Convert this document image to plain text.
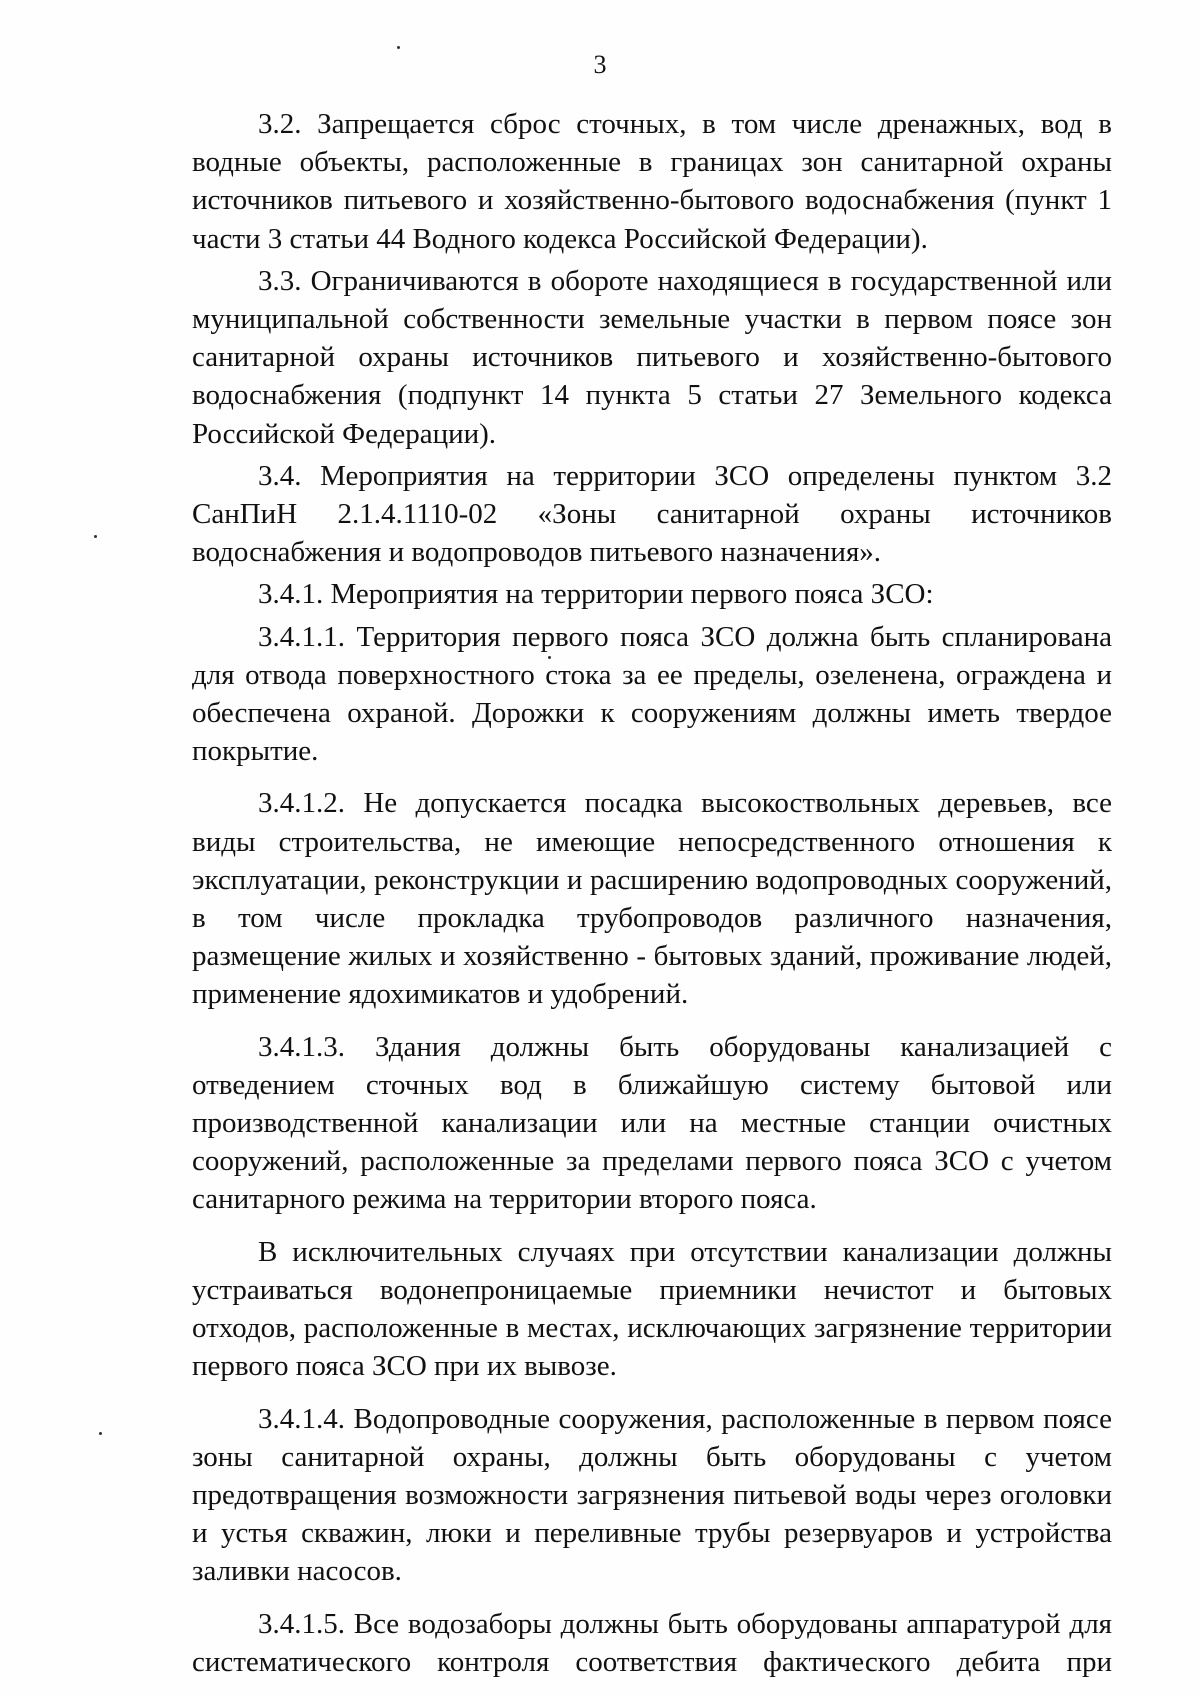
3

3.2. Запрещается сброс сточных, в том числе дренажных, вод в водные объекты, расположенные в границах зон санитарной охраны источников питьевого и хозяйственно-бытового водоснабжения (пункт 1 части 3 статьи 44 Водного кодекса Российской Федерации).

3.3. Ограничиваются в обороте находящиеся в государственной или муниципальной собственности земельные участки в первом поясе зон санитарной охраны источников питьевого и хозяйственно-бытового водоснабжения (подпункт 14 пункта 5 статьи 27 Земельного кодекса Российской Федерации).

3.4. Мероприятия на территории ЗСО определены пунктом 3.2 СанПиН 2.1.4.1110-02 «Зоны санитарной охраны источников водоснабжения и водопроводов питьевого назначения».

3.4.1. Мероприятия на территории первого пояса ЗСО:

3.4.1.1. Территория первого пояса ЗСО должна быть спланирована для отвода поверхностного стока за ее пределы, озеленена, ограждена и обеспечена охраной. Дорожки к сооружениям должны иметь твердое покрытие.

3.4.1.2. Не допускается посадка высокоствольных деревьев, все виды строительства, не имеющие непосредственного отношения к эксплуатации, реконструкции и расширению водопроводных сооружений, в том числе прокладка трубопроводов различного назначения, размещение жилых и хозяйственно - бытовых зданий, проживание людей, применение ядохимикатов и удобрений.

3.4.1.3. Здания должны быть оборудованы канализацией с отведением сточных вод в ближайшую систему бытовой или производственной канализации или на местные станции очистных сооружений, расположенные за пределами первого пояса ЗСО с учетом санитарного режима на территории второго пояса.

В исключительных случаях при отсутствии канализации должны устраиваться водонепроницаемые приемники нечистот и бытовых отходов, расположенные в местах, исключающих загрязнение территории первого пояса ЗСО при их вывозе.

3.4.1.4. Водопроводные сооружения, расположенные в первом поясе зоны санитарной охраны, должны быть оборудованы с учетом предотвращения возможности загрязнения питьевой воды через оголовки и устья скважин, люки и переливные трубы резервуаров и устройства заливки насосов.

3.4.1.5. Все водозаборы должны быть оборудованы аппаратурой для систематического контроля соответствия фактического дебита при
